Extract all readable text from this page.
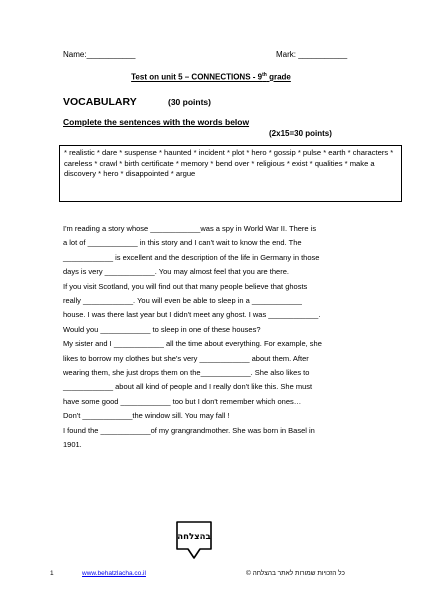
Name:___________	Mark: ___________
Test on unit 5 – CONNECTIONS - 9th grade
VOCABULARY	(30 points)
Complete the sentences with the words below
(2x15=30 points)
* realistic * dare * suspense * haunted * incident * plot * hero * gossip * pulse * earth * characters * careless * crawl * birth certificate * memory * bend over * religious * exist * qualities * make a discovery * hero * disappointed * argue
I'm reading a story whose ____________was a spy in World War II. There is
a lot of ____________ in this story and I can't wait to know the end. The
____________ is excellent and the description of the life in Germany in those
days is very ____________. You may almost feel that you are there.
If you visit Scotland, you will find out that many people believe that ghosts
really ____________. You will even be able to sleep in a ____________
house. I was there last year but I didn't meet any ghost. I was ____________.
Would you ____________ to sleep in one of these houses?
My sister and I ____________ all the time about everything. For example, she
likes to borrow my clothes but she's very ____________ about them. After
wearing them, she just drops them on the____________. She also likes to
____________ about all kind of people and I really don't like this. She must
have some good ____________ too but I don't remember which ones…
Don't ____________the window sill. You may fall !
I found the ____________of my grangrandmother. She was born in Basel in
1901.
בהצלחה
1	www.behatzlacha.co.il	כל הזכויות שמורות לאתר בהצלחה ©
